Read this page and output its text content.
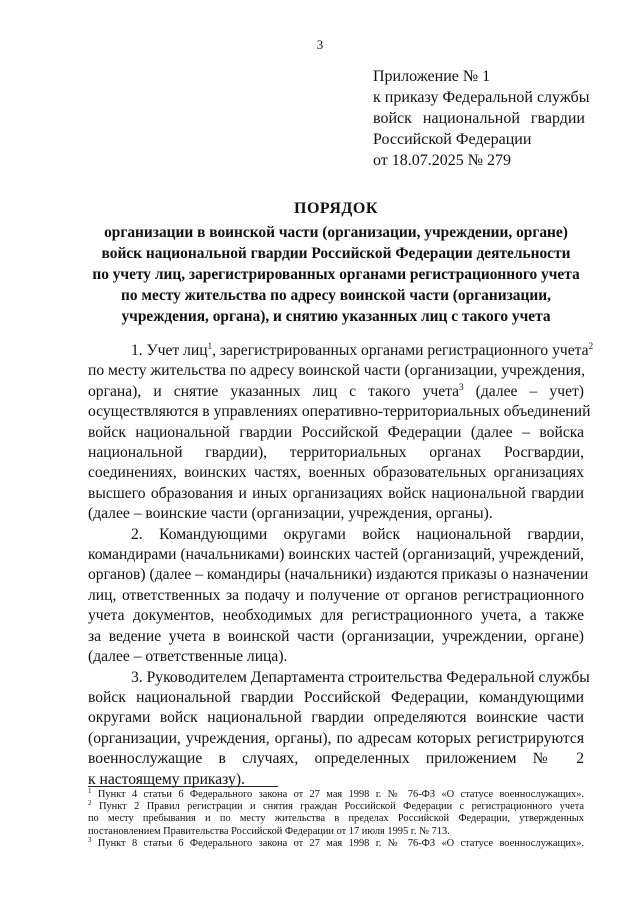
3
Приложение № 1
к приказу Федеральной службы
войск национальной гвардии
Российской Федерации
от 18.07.2025 № 279
ПОРЯДОК
организации в воинской части (организации, учреждении, органе)
войск национальной гвардии Российской Федерации деятельности
по учету лиц, зарегистрированных органами регистрационного учета
по месту жительства по адресу воинской части (организации,
учреждения, органа), и снятию указанных лиц с такого учета
1. Учет лиц$^1$, зарегистрированных органами регистрационного учета$^2$
по месту жительства по адресу воинской части (организации, учреждения,
органа), и снятие указанных лиц с такого учета$^3$ (далее – учет)
осуществляются в управлениях оперативно-территориальных объединений
войск национальной гвардии Российской Федерации (далее – войска
национальной гвардии), территориальных органах Росгвардии,
соединениях, воинских частях, военных образовательных организациях
высшего образования и иных организациях войск национальной гвардии
(далее – воинские части (организации, учреждения, органы).
2. Командующими округами войск национальной гвардии,
командирами (начальниками) воинских частей (организаций, учреждений,
органов) (далее – командиры (начальники) издаются приказы о назначении
лиц, ответственных за подачу и получение от органов регистрационного
учета документов, необходимых для регистрационного учета, а также
за ведение учета в воинской части (организации, учреждении, органе)
(далее – ответственные лица).
3. Руководителем Департамента строительства Федеральной службы
войск национальной гвардии Российской Федерации, командующими
округами войск национальной гвардии определяются воинские части
(организации, учреждения, органы), по адресам которых регистрируются
военнослужащие в случаях, определенных приложением № 2
к настоящему приказу).
$^1$ Пункт 4 статьи 6 Федерального закона от 27 мая 1998 г. № 76-ФЗ «О статусе военнослужащих».
$^2$ Пункт 2 Правил регистрации и снятия граждан Российской Федерации с регистрационного учета
по месту пребывания и по месту жительства в пределах Российской Федерации, утвержденных
постановлением Правительства Российской Федерации от 17 июля 1995 г. № 713.
$^3$ Пункт 8 статьи 6 Федерального закона от 27 мая 1998 г. № 76-ФЗ «О статусе военнослужащих».
